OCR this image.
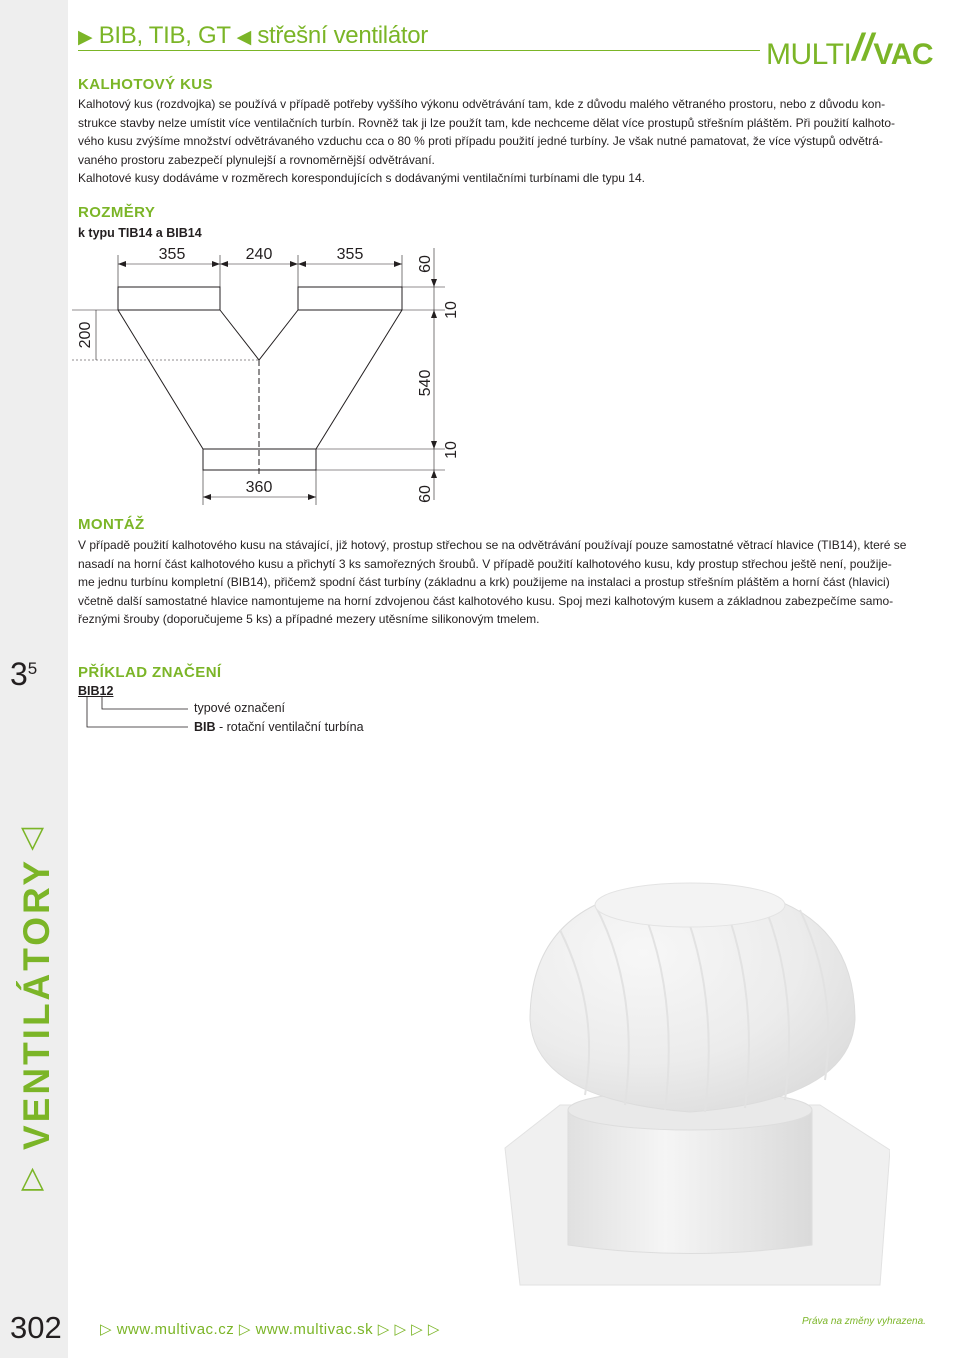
▶ BIB, TIB, GT ◀ střešní ventilátor
MULTI//VAC
KALHOTOVÝ KUS
Kalhotový kus (rozdvojka) se používá v případě potřeby vyššího výkonu odvětrávání tam, kde z důvodu malého větraného prostoru, nebo z důvodu kon-
strukce stavby nelze umístit více ventilačních turbín. Rovněž tak ji lze použít tam, kde nechceme dělat více prostupů střešním pláštěm. Při použití kalhoto-
vého kusu zvýšíme množství odvětrávaného vzduchu cca o 80 % proti případu použití jedné turbíny. Je však nutné pamatovat, že více výstupů odvětrá-
vaného prostoru zabezpečí plynulejší a rovnoměrnější odvětrávaní.
Kalhotové kusy dodáváme v rozměrech korespondujících s dodávanými ventilačními turbínami dle typu 14.
ROZMĚRY
k typu TIB14 a BIB14
355	240	355
360
200
60
10
540
10
60
MONTÁŽ
V případě použití kalhotového kusu na stávající, již hotový, prostup střechou se na odvětrávání používají pouze samostatné větrací hlavice (TIB14), které se
nasadí na horní část kalhotového kusu a přichytí 3 ks samořezných šroubů. V případě použití kalhotového kusu, kdy prostup střechou ještě není, použije-
me jednu turbínu kompletní (BIB14), přičemž spodní část turbíny (základnu a krk) použijeme na instalaci a prostup střešním pláštěm a horní část (hlavici)
včetně další samostatné hlavice namontujeme na horní zdvojenou část kalhotového kusu. Spoj mezi kalhotovým kusem a základnou zabezpečíme samo-
řeznými šrouby (doporučujeme 5 ks) a případné mezery utěsníme silikonovým tmelem.
$3^5$	PŘÍKLAD ZNAČENÍ
BIB12
typové označení
BIB - rotační ventilační turbína
▽
VENTILÁTORY
△
302	▷ www.multivac.cz ▷ www.multivac.sk ▷ ▷ ▷ ▷	Práva na změny vyhrazena.
